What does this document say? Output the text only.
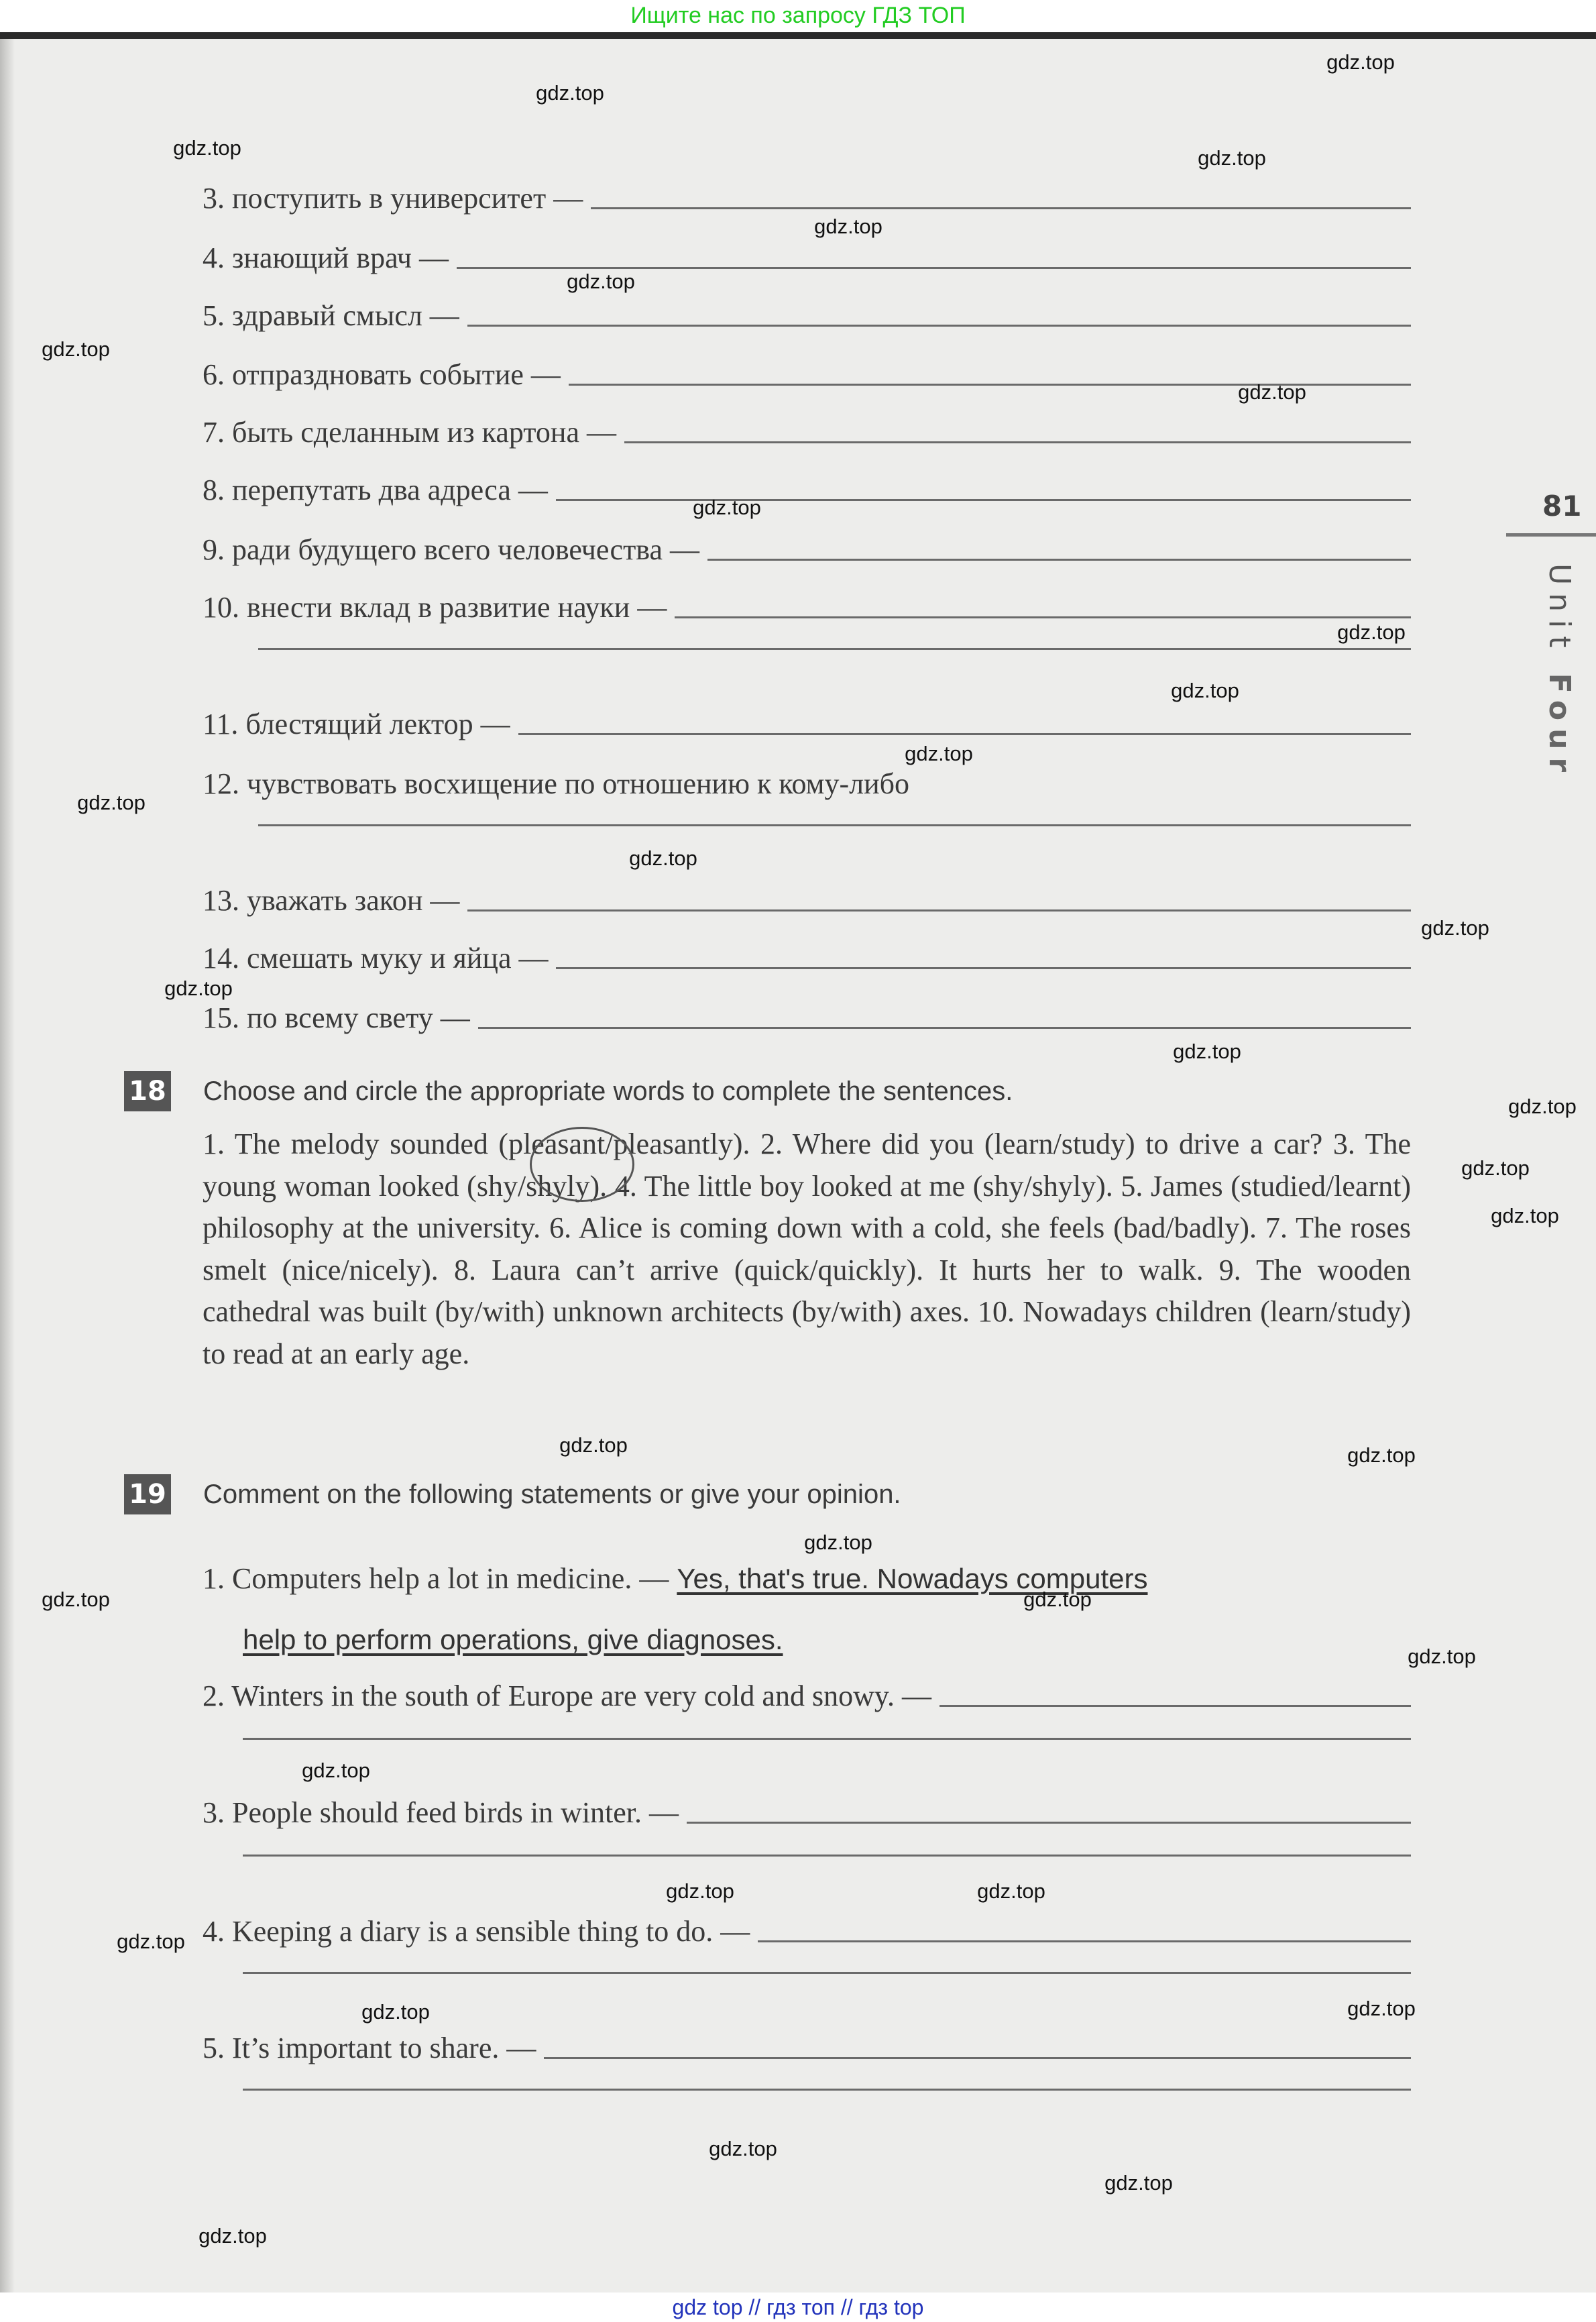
Ищите нас по запросу ГДЗ ТОП
81
Unit Four
3. поступить в университет —
4. знающий врач —
5. здравый смысл —
6. отпраздновать событие —
7. быть сделанным из картона —
8. перепутать два адреса —
9. ради будущего всего человечества —
10. внести вклад в развитие науки —
11. блестящий лектор —
12. чувствовать восхищение по отношению к кому-либо
13. уважать закон —
14. смешать муку и яйца —
15. по всему свету —
18 Choose and circle the appropriate words to complete the sentences.
1. The melody sounded (pleasant/pleasantly). 2. Where did you (learn/study) to drive a car? 3. The young woman looked (shy/shyly). 4. The little boy looked at me (shy/shyly). 5. James (studied/learnt) philosophy at the university. 6. Alice is coming down with a cold, she feels (bad/badly). 7. The roses smelt (nice/nicely). 8. Laura can’t arrive (quick/quickly). It hurts her to walk. 9. The wooden cathedral was built (by/with) unknown architects (by/with) axes. 10. Nowadays children (learn/study) to read at an early age.
19 Comment on the following statements or give your opinion.
1. Computers help a lot in medicine. — Yes, that's true. Nowadays computers
help to perform operations, give diagnoses.
2. Winters in the south of Europe are very cold and snowy. —
3. People should feed birds in winter. —
4. Keeping a diary is a sensible thing to do. —
5. It’s important to share. —
gdz.top
gdz.top
gdz.top	gdz.top
gdz.top
gdz.top
gdz.top
gdz.top
gdz.top
gdz.top
gdz.top
gdz.top
gdz.top
gdz.top
gdz.top
gdz.top
gdz.top
gdz.top
gdz.top
gdz.top
gdz.top	gdz.top
gdz.top
gdz.top	gdz.top
gdz.top
gdz.top
gdz.top	gdz.top
gdz.top
gdz.top
gdz.top
gdz.top
gdz.top
gdz.top
gdz top // гдз топ // гдз top
